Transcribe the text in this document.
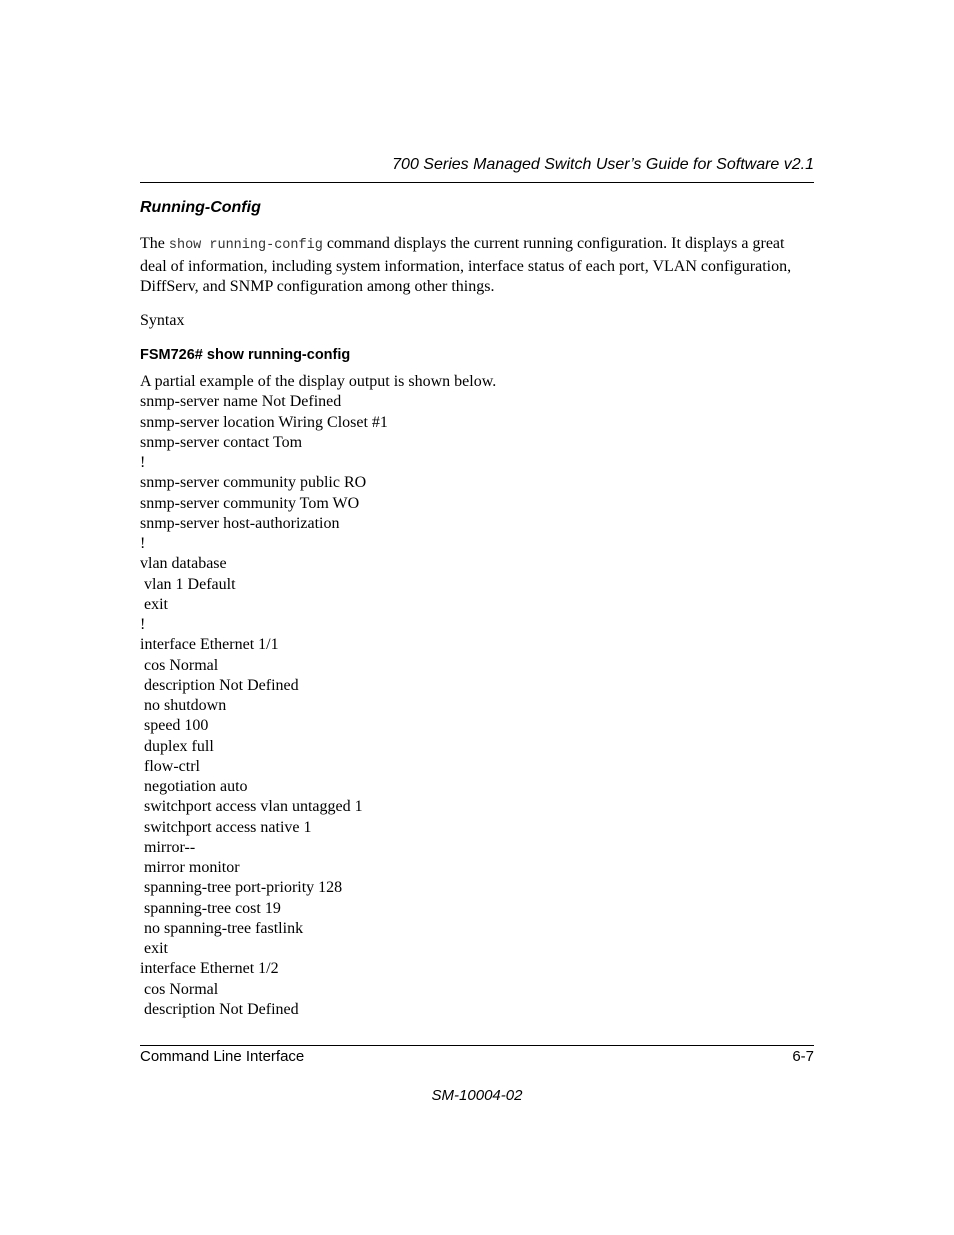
700 Series Managed Switch User’s Guide for Software v2.1
Running-Config

The show running-config command displays the current running configuration. It displays a great deal of information, including system information, interface status of each port, VLAN configuration, DiffServ, and SNMP configuration among other things.

Syntax
FSM726# show running-config
A partial example of the display output is shown below.
snmp-server name Not Defined
snmp-server location Wiring Closet #1
snmp-server contact Tom
!
snmp-server community public RO
snmp-server community Tom WO
snmp-server host-authorization
!
vlan database
vlan 1 Default
exit
!
interface Ethernet 1/1
cos Normal
description Not Defined
no shutdown
speed 100
duplex full
flow-ctrl
negotiation auto
switchport access vlan untagged 1
switchport access native 1
mirror--
mirror monitor
spanning-tree port-priority 128
spanning-tree cost 19
no spanning-tree fastlink
exit
interface Ethernet 1/2
cos Normal
description Not Defined
Command Line Interface	6-7
SM-10004-02
